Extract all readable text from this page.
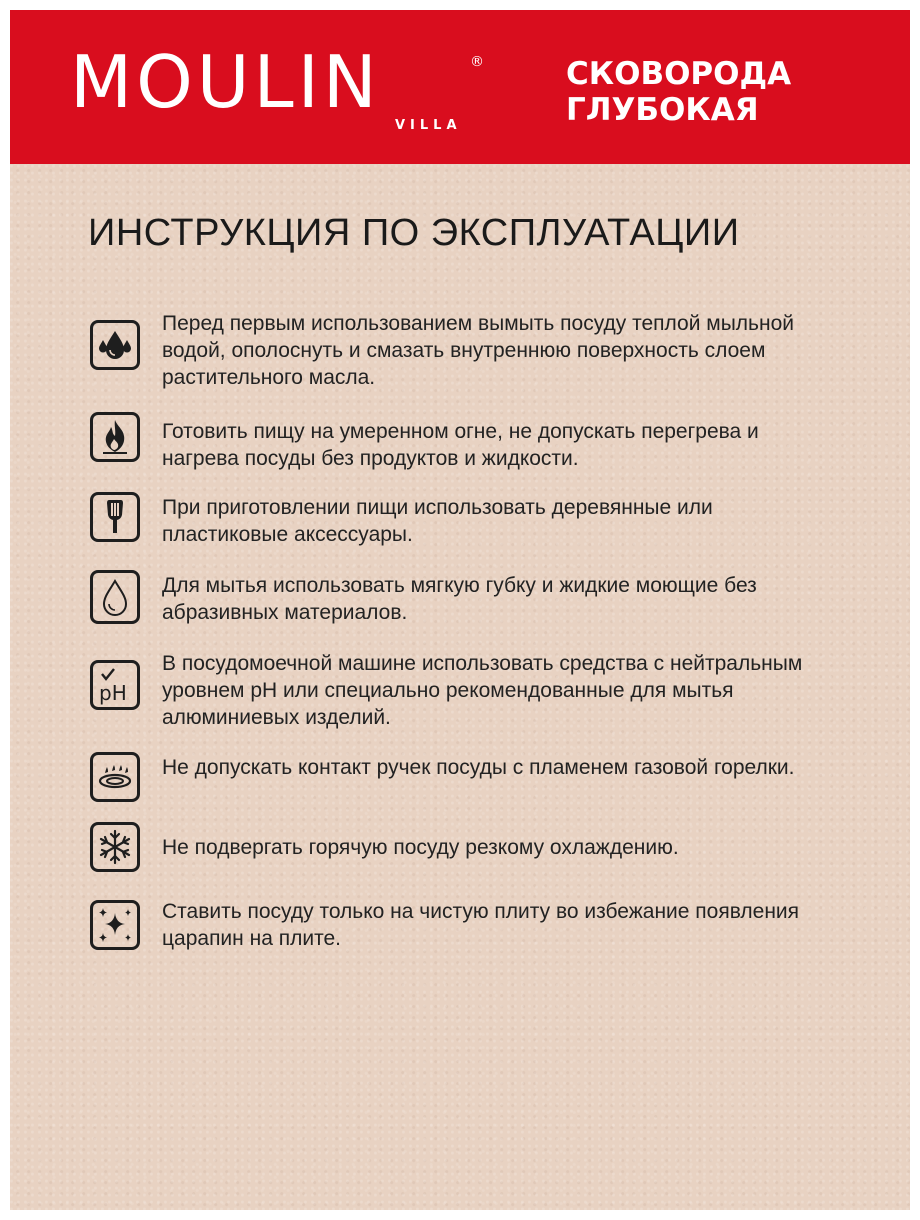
MOULIN	®
VILLA
СКОВОРОДА
ГЛУБОКАЯ
ИНСТРУКЦИЯ ПО ЭКСПЛУАТАЦИИ
Перед первым использованием вымыть посуду теплой мыльной водой, ополоснуть и смазать внутреннюю поверхность слоем растительного масла.
Готовить пищу на умеренном огне, не допускать перегрева и нагрева посуды без продуктов и жидкости.
При приготовлении пищи использовать деревянные или пластиковые аксессуары.
Для мытья использовать мягкую губку и жидкие моющие без абразивных материалов.
pH
В посудомоечной машине использовать средства с нейтральным уровнем pH или специально рекомендованные для мытья алюминиевых изделий.
Не допускать контакт ручек посуды с пламенем газовой горелки.
Не подвергать горячую посуду резкому охлаждению.
Ставить посуду только на чистую плиту во избежание появления царапин на плите.
